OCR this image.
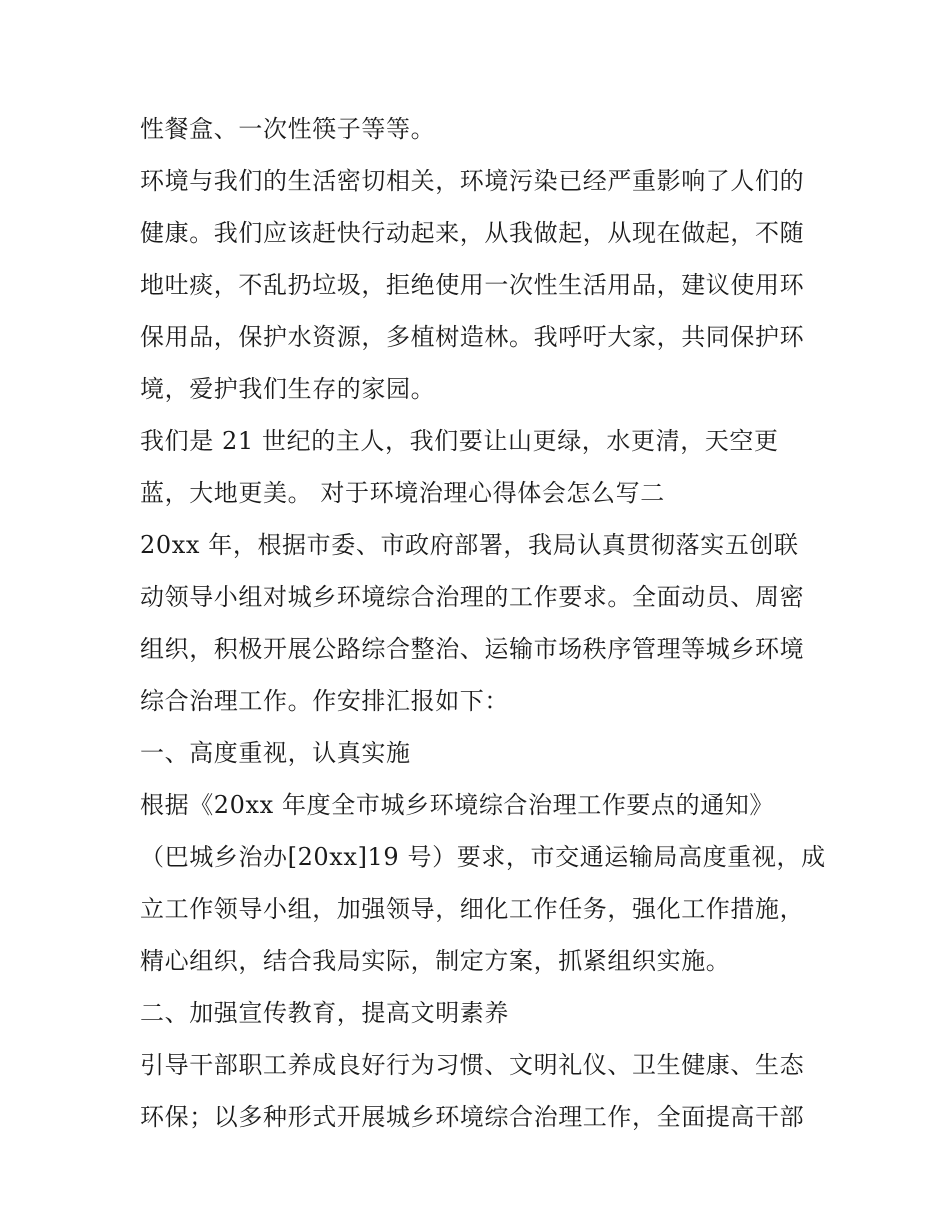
性餐盒、一次性筷子等等。
环境与我们的生活密切相关，环境污染已经严重影响了人们的
健康。我们应该赶快行动起来，从我做起，从现在做起，不随
地吐痰，不乱扔垃圾，拒绝使用一次性生活用品，建议使用环
保用品，保护水资源，多植树造林。我呼吁大家，共同保护环
境，爱护我们生存的家园。
我们是 21 世纪的主人，我们要让山更绿，水更清，天空更
蓝，大地更美。 对于环境治理心得体会怎么写二
20xx 年，根据市委、市政府部署，我局认真贯彻落实五创联
动领导小组对城乡环境综合治理的工作要求。全面动员、周密
组织，积极开展公路综合整治、运输市场秩序管理等城乡环境
综合治理工作。作安排汇报如下：
一、高度重视，认真实施
根据《20xx 年度全市城乡环境综合治理工作要点的通知》
（巴城乡治办[20xx]19 号）要求，市交通运输局高度重视，成
立工作领导小组，加强领导，细化工作任务，强化工作措施，
精心组织，结合我局实际，制定方案，抓紧组织实施。
二、加强宣传教育，提高文明素养
引导干部职工养成良好行为习惯、文明礼仪、卫生健康、生态
环保；以多种形式开展城乡环境综合治理工作，全面提高干部
